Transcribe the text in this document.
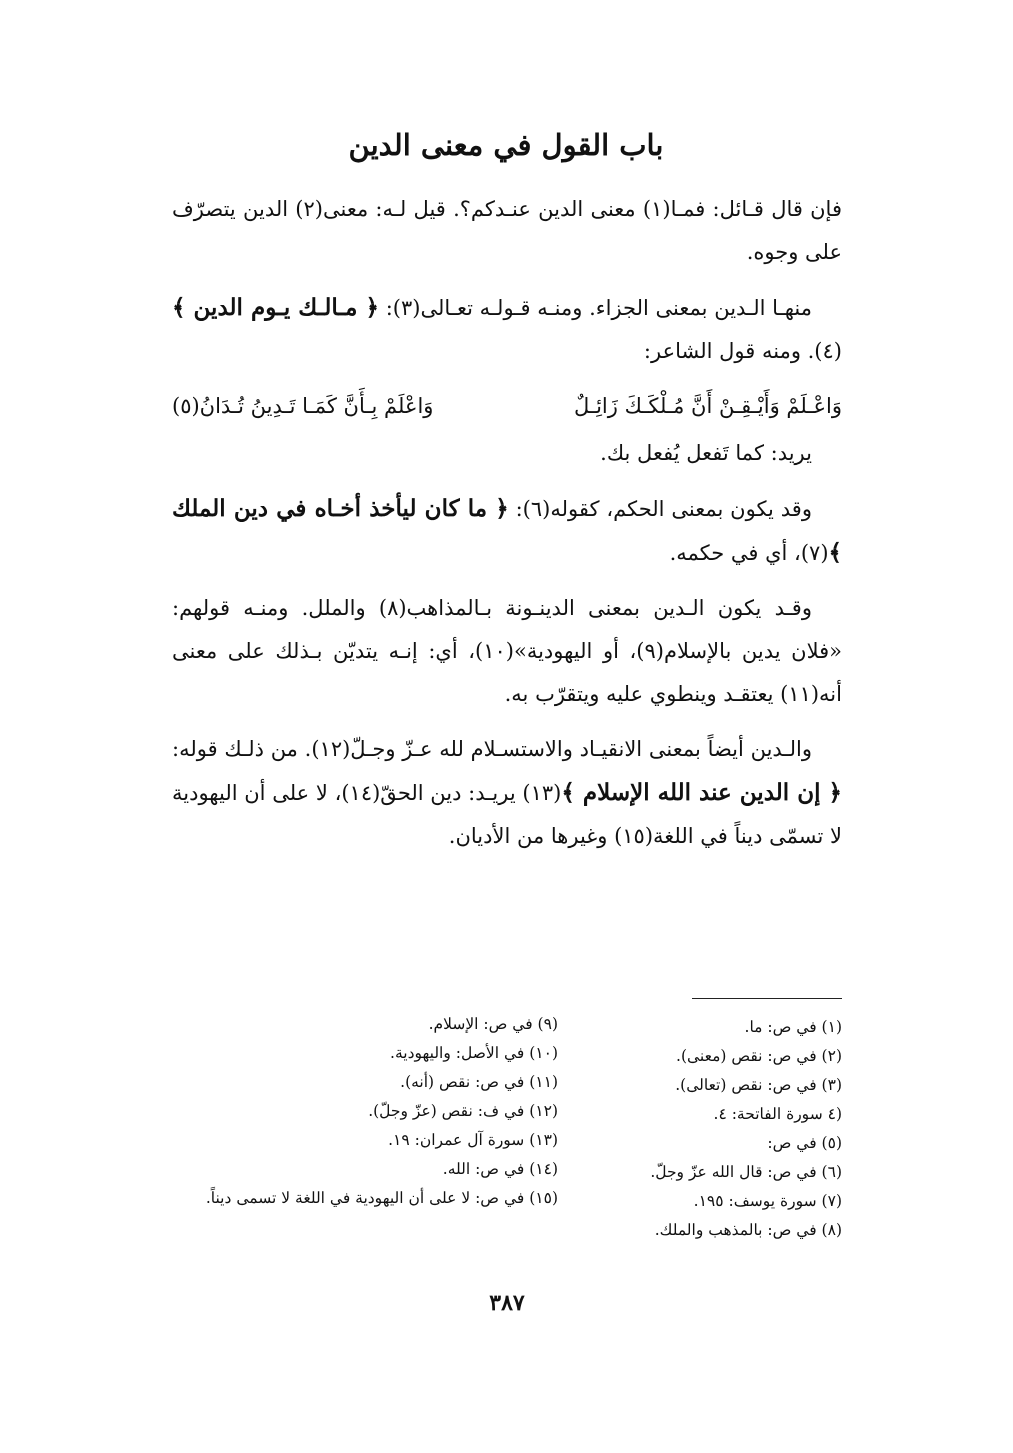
باب القول في معنى الدين

فإن قال قـائل: فمـا(١) معنى الدين عنـدكم؟. قيل لـه: معنى(٢) الدين يتصرّف على وجوه.

منهـا الـدين بمعنى الجزاء. ومنـه قـولـه تعـالى(٣): ﴿ مـالـك يـوم الدين ﴾(٤). ومنه قول الشاعر:

وَاعْـلَمْ وَأَيْـقِـنْ أَنَّ مُـلْكَـكَ زَائِـلٌ
وَاعْلَمْ بِـأَنَّ كَمَـا تَـدِينُ تُـدَانُ(٥)

يريد: كما تَفعل يُفعل بك.

وقد يكون بمعنى الحكم، كقوله(٦): ﴿ ما كان ليأخذ أخـاه في دين الملك ﴾(٧)، أي في حكمه.

وقـد يكون الـدين بمعنى الدينـونة بـالمذاهب(٨) والملل. ومنـه قولهم: «فلان يدين بالإسلام(٩)، أو اليهودية»(١٠)، أي: إنـه يتديّن بـذلك على معنى أنه(١١) يعتقـد وينطوي عليه ويتقرّب به.

والـدين أيضاً بمعنى الانقيـاد والاستسـلام لله عـزّ وجـلّ(١٢). من ذلـك قوله: ﴿ إن الدين عند الله الإسلام ﴾(١٣) يريـد: دين الحقّ(١٤)، لا على أن اليهودية لا تسمّى ديناً في اللغة(١٥) وغيرها من الأديان.

(١) في ص: ما.
(٢) في ص: نقص (معنى).
(٣) في ص: نقص (تعالى).
(٤ سورة الفاتحة: ٤.
(٥) في ص:
(٦) في ص: قال الله عزّ وجلّ.
(٧) سورة يوسف: ١٩٥.
(٨) في ص: بالمذهب والملك.
(٩) في ص: الإسلام.
(١٠) في الأصل: واليهودية.
(١١) في ص: نقص (أنه).
(١٢) في ف: نقص (عزّ وجلّ).
(١٣) سورة آل عمران: ١٩.
(١٤) في ص: الله.
(١٥) في ص: لا على أن اليهودية في اللغة لا تسمى ديناً.
٣٨٧
